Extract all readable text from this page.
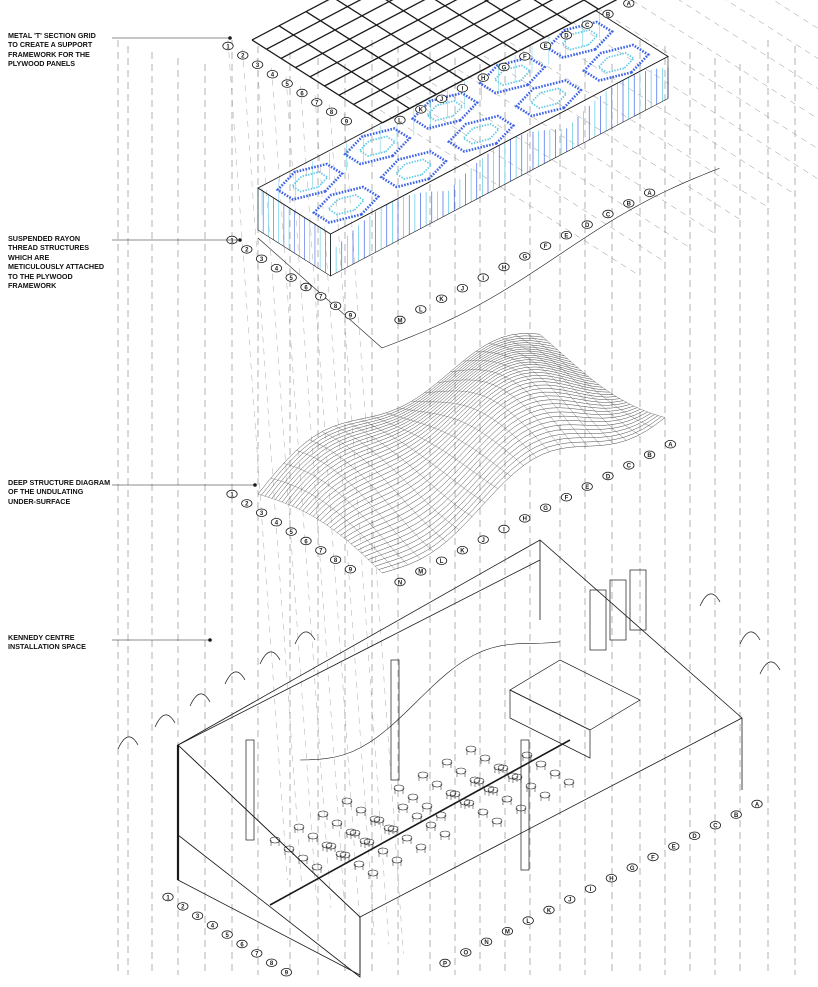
1
2
3
4
5
6
7
8
9
1
2
3
4
5
6
7
8
9
1
2
3
4
5
6
7
8
9
1
2
3
4
5
6
7
8
9
L
K
J
I
H
G
F
E
D
C
B
A
M
L
K
J
I
H
G
F
E
D
C
B
A
N
M
L
K
J
I
H
G
F
E
D
C
B
A
P
O
N
M
L
K
J
I
H
G
F
E
D
C
B
A
METAL 'T' SECTION GRID
TO CREATE A SUPPORT
FRAMEWORK FOR THE
PLYWOOD PANELS
SUSPENDED RAYON
THREAD STRUCTURES
WHICH ARE
METICULOUSLY ATTACHED
TO THE PLYWOOD
FRAMEWORK
DEEP STRUCTURE DIAGRAM
OF THE UNDULATING
UNDER-SURFACE
KENNEDY CENTRE
INSTALLATION SPACE
